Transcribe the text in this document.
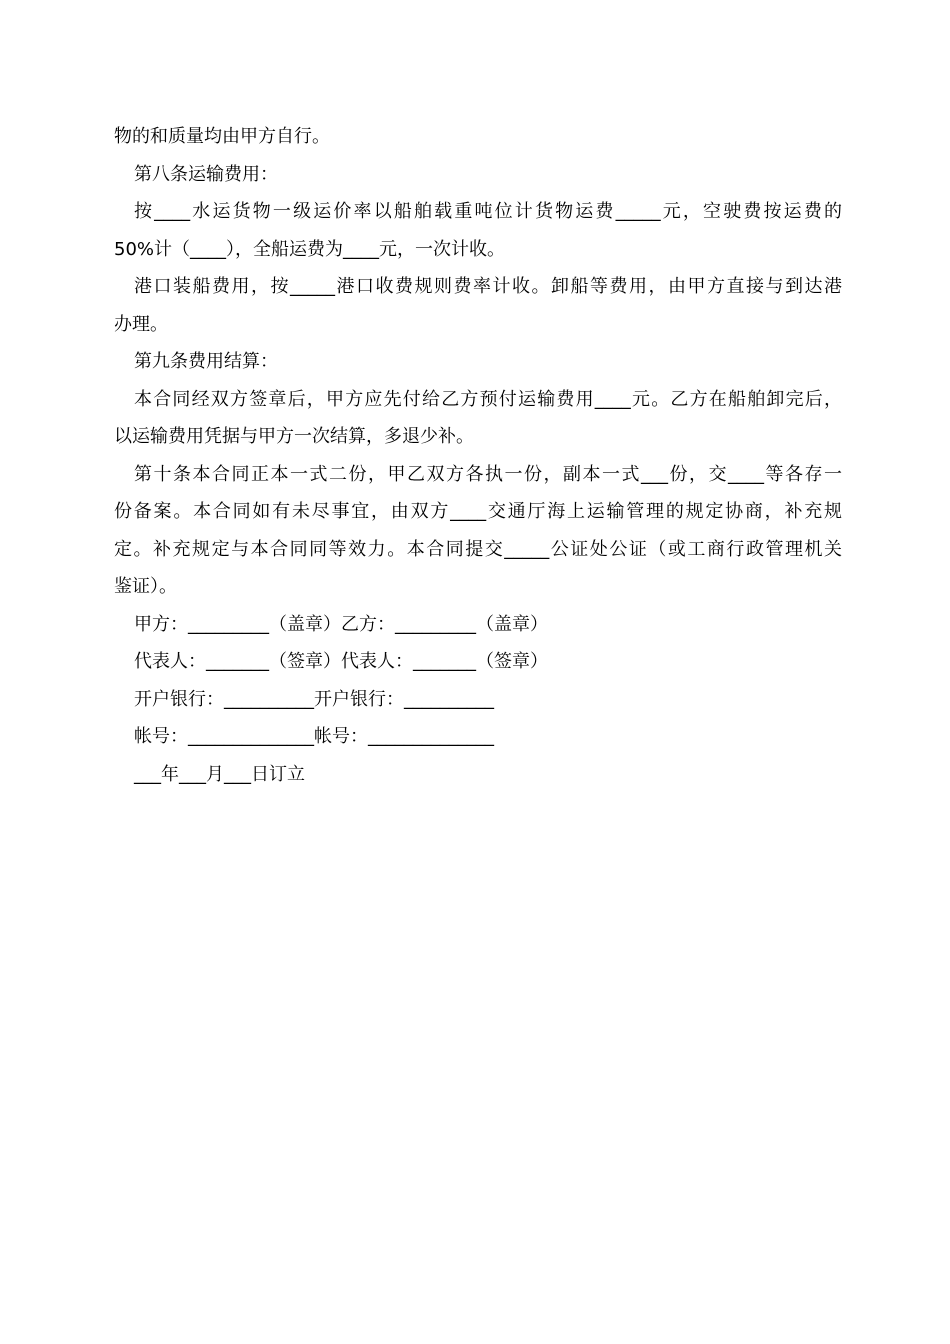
物的和质量均由甲方自行。
第八条运输费用：
按____水运货物一级运价率以船舶载重吨位计货物运费_____元，空驶费按运费的
50%计（____），全船运费为____元，一次计收。
港口装船费用，按_____港口收费规则费率计收。卸船等费用，由甲方直接与到达港
办理。
第九条费用结算：
本合同经双方签章后，甲方应先付给乙方预付运输费用____元。乙方在船舶卸完后，
以运输费用凭据与甲方一次结算，多退少补。
第十条本合同正本一式二份，甲乙双方各执一份，副本一式___份，交____等各存一
份备案。本合同如有未尽事宜，由双方____交通厅海上运输管理的规定协商，补充规
定。补充规定与本合同同等效力。本合同提交_____公证处公证（或工商行政管理机关
鉴证）。
甲方：_________（盖章）乙方：_________（盖章）
代表人：_______（签章）代表人：_______（签章）
开户银行：__________开户银行：__________
帐号：______________帐号：______________
___年___月___日订立
